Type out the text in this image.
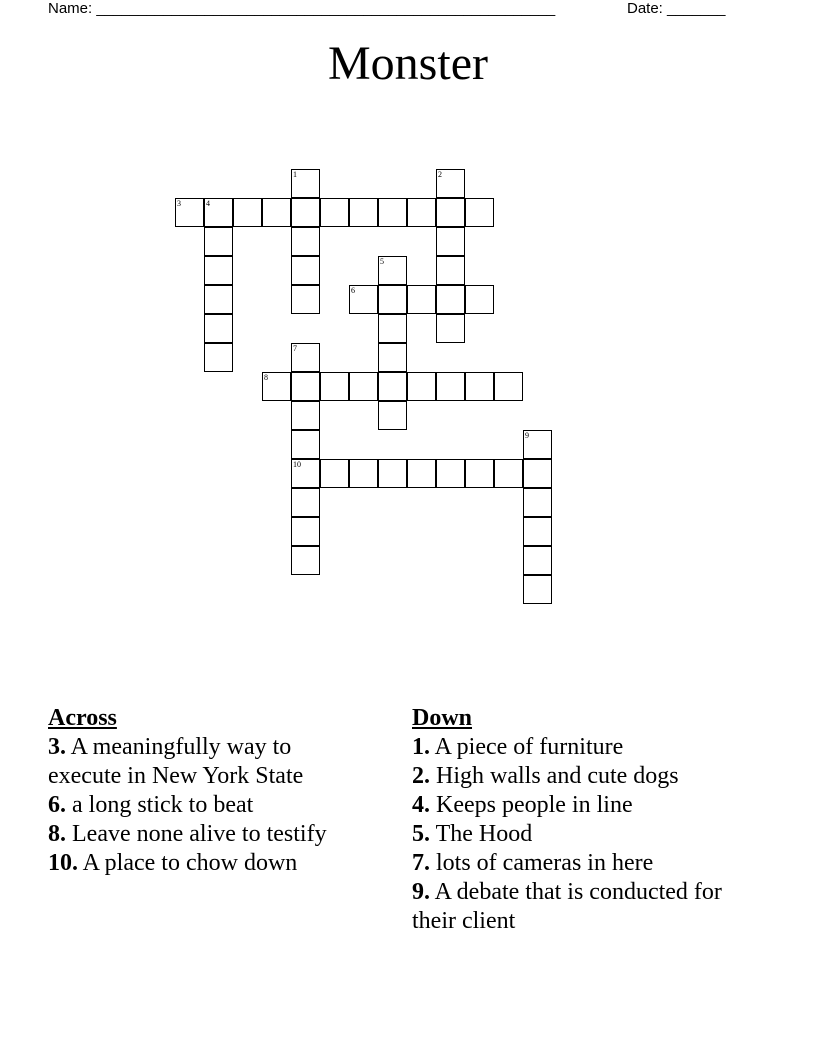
Name: _______________________________________________________	Date: _______
Monster
3	4
1	2
5
6
7
10
8
9
Across
3. A meaningfully way to execute in New York State
6. a long stick to beat
8. Leave none alive to testify
10. A place to chow down
Down
1. A piece of furniture
2. High walls and cute dogs
4. Keeps people in line
5. The Hood
7. lots of cameras in here
9. A debate that is conducted for their client
